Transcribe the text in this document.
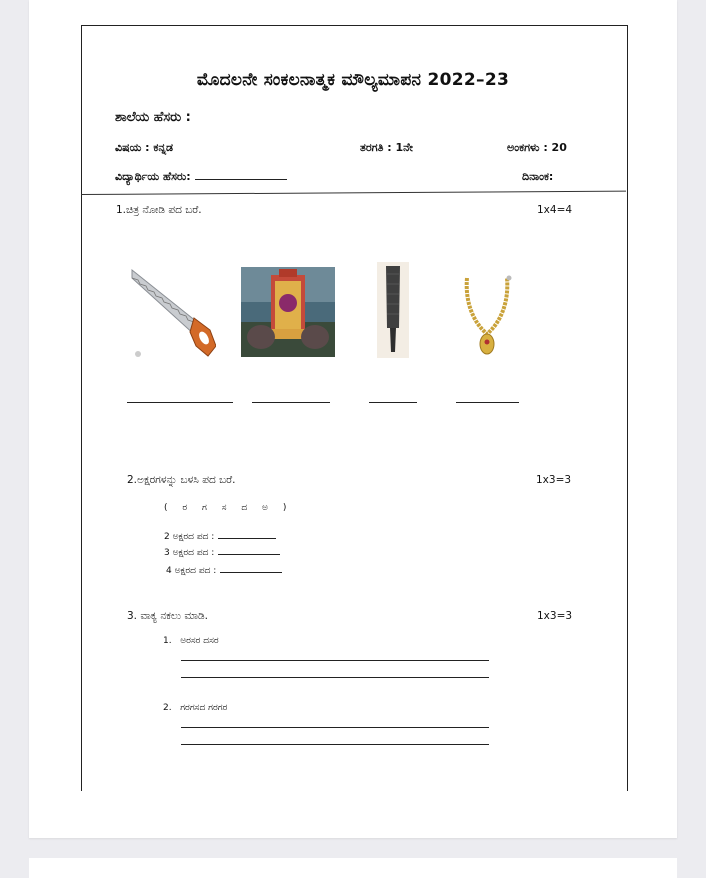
ಮೊದಲನೇ ಸಂಕಲನಾತ್ಮಕ ಮೌಲ್ಯಮಾಪನ 2022–23
ಶಾಲೆಯ ಹೆಸರು :
ವಿಷಯ : ಕನ್ನಡ	ತರಗತಿ : 1ನೇ	ಅಂಕಗಳು : 20
ವಿದ್ಯಾರ್ಥಿಯ ಹೆಸರು:	ದಿನಾಂಕ:
1.ಚಿತ್ರ ನೋಡಿ ಪದ ಬರೆ.	1x4=4
2.ಅಕ್ಷರಗಳನ್ನು ಬಳಸಿ ಪದ ಬರೆ.	1x3=3
( ರ ಗ ಸ ದ ಅ )
2 ಅಕ್ಷರದ ಪದ :
3 ಅಕ್ಷರದ ಪದ :
4 ಅಕ್ಷರದ ಪದ :
3. ವಾಕ್ಯ ನಕಲು ಮಾಡಿ.	1x3=3
1. ಅರಸರ ದಸರ
2. ಗರಗಸದ ಗರಗರ
